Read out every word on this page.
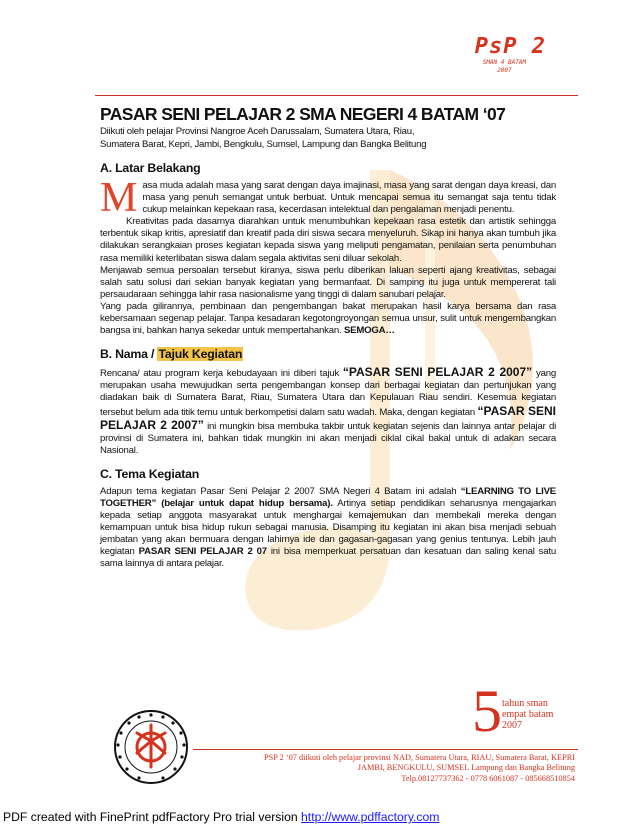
PsP 2
SMAN 4 BATAM
2007
PASAR SENI PELAJAR 2 SMA NEGERI 4 BATAM ‘07
Diikuti oleh pelajar Provinsi Nangroe Aceh Darussalam, Sumatera Utara, Riau,
Sumatera Barat, Kepri, Jambi, Bengkulu, Sumsel, Lampung dan Bangka Belitung
A. Latar Belakang
M asa muda adalah masa yang sarat dengan daya imajinasi, masa yang sarat dengan daya kreasi, dan masa yang penuh semangat untuk berbuat. Untuk mencapai semua itu semangat saja tentu tidak cukup melainkan kepekaan rasa, kecerdasan intelektual dan pengalaman menjadi penentu.

Kreativitas pada dasarnya diarahkan untuk menumbuhkan kepekaan rasa estetik dan artistik sehingga terbentuk sikap kritis, apresiatif dan kreatif pada diri siswa secara menyeluruh. Sikap ini hanya akan tumbuh jika dilakukan serangkaian proses kegiatan kepada siswa yang meliputi pengamatan, penilaian serta penumbuhan rasa memiliki keterlibatan siswa dalam segala aktivitas seni diluar sekolah.

Menjawab semua persoalan tersebut kiranya, siswa perlu diberikan laluan seperti ajang kreativitas, sebagai salah satu solusi dari sekian banyak kegiatan yang bermanfaat. Di samping itu juga untuk mempererat tali persaudaraan sehingga lahir rasa nasionalisme yang tinggi di dalam sanubari pelajar.

Yang pada gilirannya, pembinaan dan pengembangan bakat merupakan hasil karya bersama dan rasa kebersamaan segenap pelajar. Tanpa kesadaran kegotongroyongan semua unsur, sulit untuk mengembangkan bangsa ini, bahkan hanya sekedar untuk mempertahankan. SEMOGA…

B. Nama / Tajuk Kegiatan

Rencana/ atau program kerja kebudayaan ini diberi tajuk “PASAR SENI PELAJAR 2 2007” yang merupakan usaha mewujudkan serta pengembangan konsep dari berbagai kegiatan dan pertunjukan yang diadakan baik di Sumatera Barat, Riau, Sumatera Utara dan Kepulauan Riau sendiri. Kesemua kegiatan tersebut belum ada titik temu untuk berkompetisi dalam satu wadah. Maka, dengan kegiatan “PASAR SENI PELAJAR 2 2007” ini mungkin bisa membuka takbir untuk kegiatan sejenis dan lainnya antar pelajar di provinsi di Sumatera ini, bahkan tidak mungkin ini akan menjadi ciklal cikal bakal untuk di adakan secara Nasional.

C. Tema Kegiatan

Adapun tema kegiatan Pasar Seni Pelajar 2 2007 SMA Negeri 4 Batam ini adalah “LEARNING TO LIVE TOGETHER” (belajar untuk dapat hidup bersama). Artinya setiap pendidikan seharusnya mengajarkan kepada setiap anggota masyarakat untuk menghargai kemajemukan dan membekali mereka dengan kemampuan untuk bisa hidup rukun sebagai manusia. Disamping itu kegiatan ini akan bisa menjadi sebuah jembatan yang akan bermuara dengan lahirnya ide dan gagasan-gagasan yang genius tentunya. Lebih jauh kegiatan PASAR SENI PELAJAR 2 07 ini bisa memperkuat persatuan dan kesatuan dan saling kenal satu sama lainnya di antara pelajar.

5 tahun sman
empat batam
2007
PSP 2 ‘07 diikuti oleh pelajar provinsi NAD, Sumatera Utara, RIAU, Sumatera Barat, KEPRI
JAMBI, BENGKULU, SUMSEL Lampung dan Bangka Belitung
Telp.08127737362 - 0778 6061087 - 085668510854
PDF created with FinePrint pdfFactory Pro trial version http://www.pdffactory.com
